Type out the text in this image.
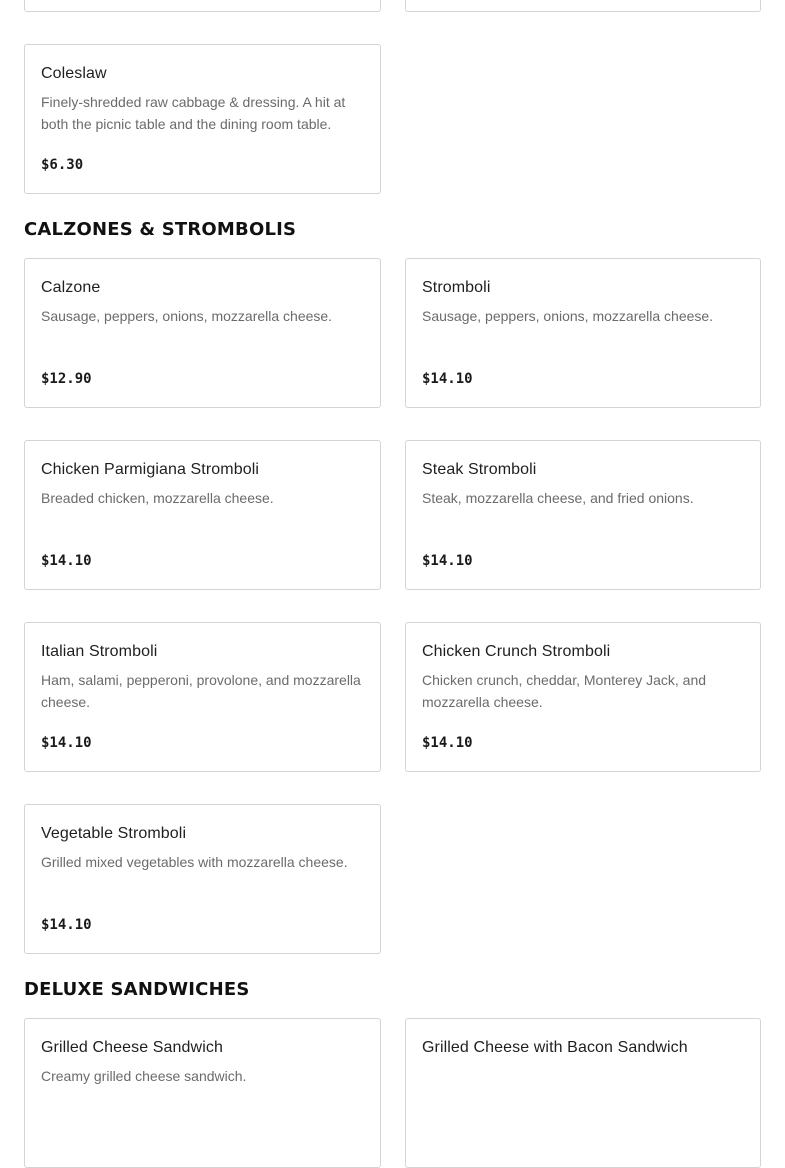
Coleslaw
Finely-shredded raw cabbage & dressing. A hit at both the picnic table and the dining room table.
$6.30
CALZONES & STROMBOLIS
Calzone
Sausage, peppers, onions, mozzarella cheese.
$12.90
Stromboli
Sausage, peppers, onions, mozzarella cheese.
$14.10
Chicken Parmigiana Stromboli
Breaded chicken, mozzarella cheese.
$14.10
Steak Stromboli
Steak, mozzarella cheese, and fried onions.
$14.10
Italian Stromboli
Ham, salami, pepperoni, provolone, and mozzarella cheese.
$14.10
Chicken Crunch Stromboli
Chicken crunch, cheddar, Monterey Jack, and mozzarella cheese.
$14.10
Vegetable Stromboli
Grilled mixed vegetables with mozzarella cheese.
$14.10
DELUXE SANDWICHES
Grilled Cheese Sandwich
Creamy grilled cheese sandwich.
Grilled Cheese with Bacon Sandwich
